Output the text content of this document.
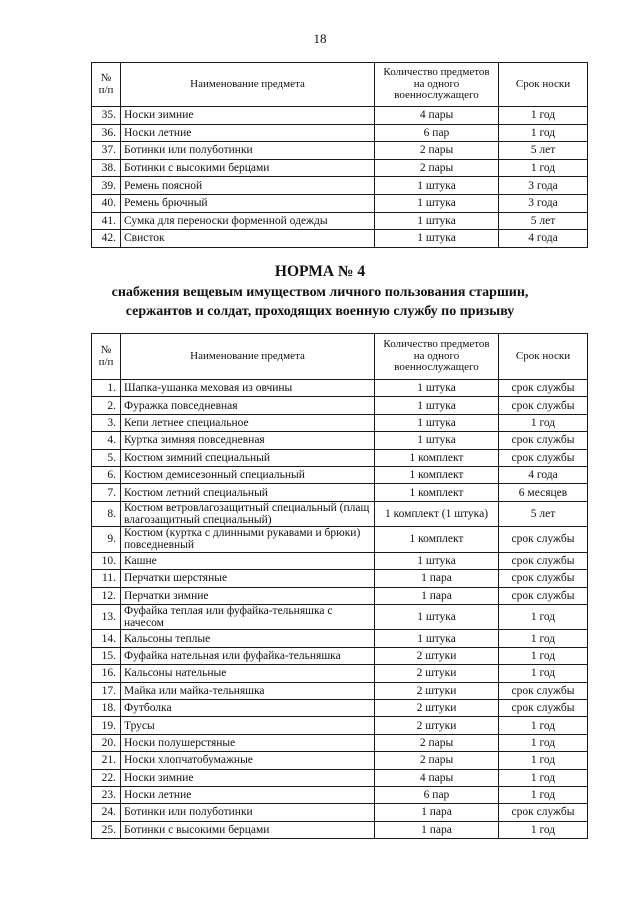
18
№ п/п	Наименование предмета	Количество предметов на одного военнослужащего	Срок носки
35.	Носки зимние	4 пары	1 год
36.	Носки летние	6 пар	1 год
37.	Ботинки или полуботинки	2 пары	5 лет
38.	Ботинки с высокими берцами	2 пары	1 год
39.	Ремень поясной	1 штука	3 года
40.	Ремень брючный	1 штука	3 года
41.	Сумка для переноски форменной одежды	1 штука	5 лет
42.	Свисток	1 штука	4 года
НОРМА № 4
снабжения вещевым имуществом личного пользования старшин,
сержантов и солдат, проходящих военную службу по призыву
№ п/п	Наименование предмета	Количество предметов на одного военнослужащего	Срок носки
1.	Шапка-ушанка меховая из овчины	1 штука	срок службы
2.	Фуражка повседневная	1 штука	срок службы
3.	Кепи летнее специальное	1 штука	1 год
4.	Куртка зимняя повседневная	1 штука	срок службы
5.	Костюм зимний специальный	1 комплект	срок службы
6.	Костюм демисезонный специальный	1 комплект	4 года
7.	Костюм летний специальный	1 комплект	6 месяцев
8.	Костюм ветровлагозащитный специальный (плащ влагозащитный специальный)	1 комплект (1 штука)	5 лет
9.	Костюм (куртка с длинными рукавами и брюки) повседневный	1 комплект	срок службы
10.	Кашне	1 штука	срок службы
11.	Перчатки шерстяные	1 пара	срок службы
12.	Перчатки зимние	1 пара	срок службы
13.	Фуфайка теплая или фуфайка-тельняшка с начесом	1 штука	1 год
14.	Кальсоны теплые	1 штука	1 год
15.	Фуфайка нательная или фуфайка-тельняшка	2 штуки	1 год
16.	Кальсоны нательные	2 штуки	1 год
17.	Майка или майка-тельняшка	2 штуки	срок службы
18.	Футболка	2 штуки	срок службы
19.	Трусы	2 штуки	1 год
20.	Носки полушерстяные	2 пары	1 год
21.	Носки хлопчатобумажные	2 пары	1 год
22.	Носки зимние	4 пары	1 год
23.	Носки летние	6 пар	1 год
24.	Ботинки или полуботинки	1 пара	срок службы
25.	Ботинки с высокими берцами	1 пара	1 год
